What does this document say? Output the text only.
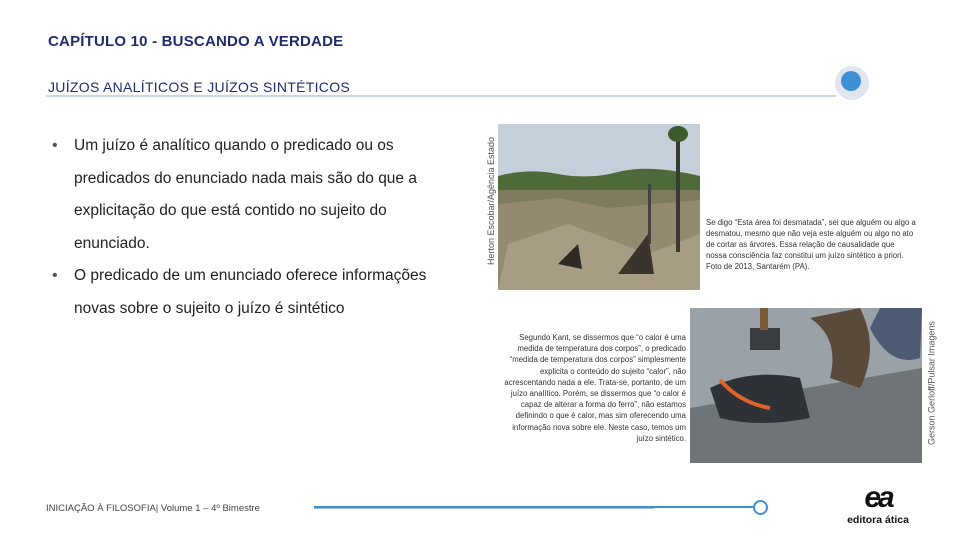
CAPÍTULO 10 - BUSCANDO A VERDADE
JUÍZOS ANALÍTICOS E JUÍZOS SINTÉTICOS
• Um juízo é analítico quando o predicado ou os predicados do enunciado nada mais são do que a explicitação do que está contido no sujeito do enunciado.
• O predicado de um enunciado oferece informações novas sobre o sujeito o juízo é sintético
Herton Escobar/Agência Estado	Se digo “Esta área foi desmatada”, sei que alguém ou algo a desmatou, mesmo que não veja este alguém ou algo no ato de cortar as árvores. Essa relação de causalidade que nossa consciência faz constitui um juízo sintético a priori. Foto de 2013, Santarém (PA).
Segundo Kant, se dissermos que “o calor é uma medida de temperatura dos corpos”, o predicado “medida de temperatura dos corpos” simplesmente explicita o conteúdo do sujeito “calor”, não acrescentando nada a ele. Trata-se, portanto, de um juízo analítico. Porém, se dissermos que “o calor é capaz de alterar a forma do ferro”, não estamos definindo o que é calor, mas sim oferecendo uma informação nova sobre ele. Neste caso, temos um juízo sintético.	Gerson Gerloff/Pulsar Imagens
INICIAÇÃO À FILOSOFIA| Volume 1 – 4º Bimestre	ea
editora ática
